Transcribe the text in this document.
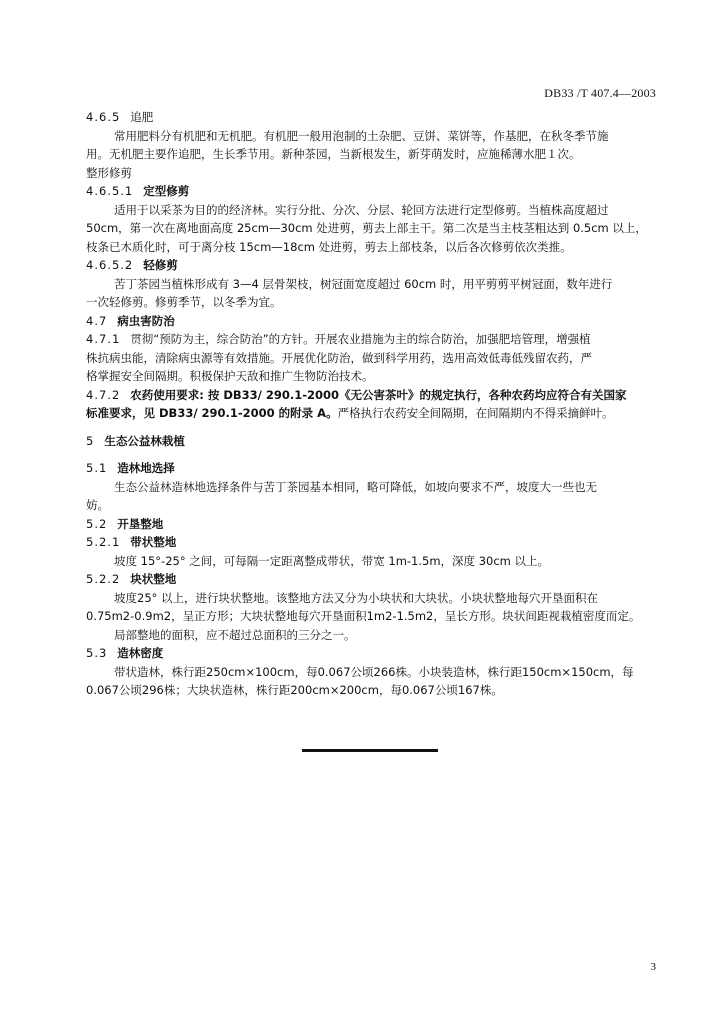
DB33 /T 407.4—2003
4.6.5 追肥
常用肥料分有机肥和无机肥。有机肥一般用泡制的土杂肥、豆饼、菜饼等，作基肥，在秋冬季节施
用。无机肥主要作追肥，生长季节用。新种茶园，当新根发生，新芽萌发时，应施稀薄水肥１次。
整形修剪
4.6.5.1 定型修剪
适用于以采茶为目的的经济林。实行分批、分次、分层、轮回方法进行定型修剪。当植株高度超过
50cm，第一次在离地面高度 25cm—30cm 处进剪，剪去上部主干。第二次是当主枝茎粗达到 0.5cm 以上，
枝条已木质化时，可于离分枝 15cm—18cm 处进剪，剪去上部枝条，以后各次修剪依次类推。
4.6.5.2 轻修剪
苦丁茶园当植株形成有 3—4 层骨架枝，树冠面宽度超过 60cm 时，用平剪剪平树冠面，数年进行
一次轻修剪。修剪季节，以冬季为宜。
4.7 病虫害防治
4.7.1 贯彻“预防为主，综合防治”的方针。开展农业措施为主的综合防治，加强肥培管理，增强植
株抗病虫能，清除病虫源等有效措施。开展优化防治，做到科学用药，选用高效低毒低残留农药，严
格掌握安全间隔期。积极保护天敌和推广生物防治技术。
4.7.2 农药使用要求: 按 DB33/ 290.1-2000《无公害茶叶》的规定执行，各种农药均应符合有关国家
标准要求，见 DB33/ 290.1-2000 的附录 A。严格执行农药安全间隔期，在间隔期内不得采摘鲜叶。
5 生态公益林栽植
5.1 造林地选择
生态公益林造林地选择条件与苦丁茶园基本相同，略可降低，如坡向要求不严，坡度大一些也无
妨。
5.2 开垦整地
5.2.1 带状整地
坡度 15°-25° 之间，可每隔一定距离整成带状，带宽 1m-1.5m，深度 30cm 以上。
5.2.2 块状整地
坡度25° 以上，进行块状整地。该整地方法又分为小块状和大块状。小块状整地每穴开垦面积在
0.75m2-0.9m2，呈正方形；大块状整地每穴开垦面积1m2-1.5m2，呈长方形。块状间距视栽植密度而定。
局部整地的面积，应不超过总面积的三分之一。
5.3 造林密度
带状造林，株行距250cm×100cm，每0.067公顷266株。小块装造林，株行距150cm×150cm，每
0.067公顷296株；大块状造林，株行距200cm×200cm，每0.067公顷167株。
3
